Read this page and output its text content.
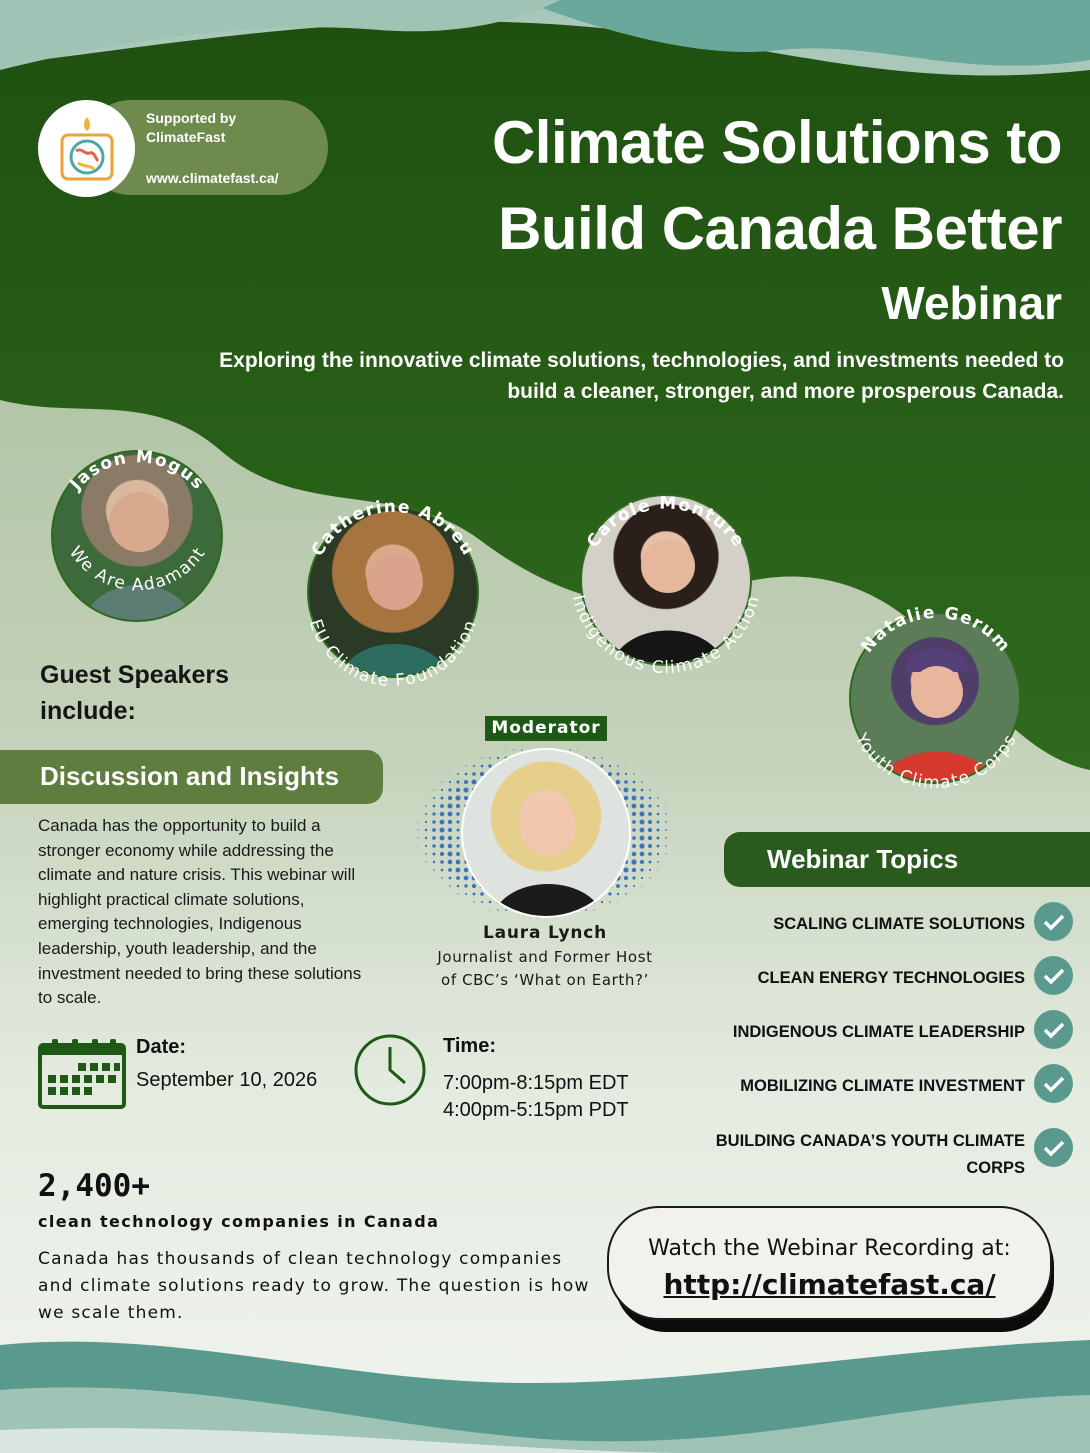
Supported by
ClimateFast
www.climatefast.ca/
Climate Solutions to
Build Canada Better
Webinar
Exploring the innovative climate solutions, technologies, and investments needed to
build a cleaner, stronger, and more prosperous Canada.
Jason Mogus
We Are Adamant	Catherine Abreu
EU Climate Foundation
Carole Monture
Indigenous Climate Action
Natalie Gerum
Youth Climate Corps
Guest Speakers
include:
Discussion and Insights
Canada has the opportunity to build a stronger economy while addressing the climate and nature crisis. This webinar will highlight practical climate solutions, emerging technologies, Indigenous leadership, youth leadership, and the investment needed to bring these solutions to scale.
Moderator
Laura Lynch
Journalist and Former Host
of CBC’s ‘What on Earth?’
Webinar Topics
SCALING CLIMATE SOLUTIONS
CLEAN ENERGY TECHNOLOGIES
INDIGENOUS CLIMATE LEADERSHIP
MOBILIZING CLIMATE INVESTMENT
BUILDING CANADA’S YOUTH CLIMATE CORPS
Date:
September 10, 2026
Time:
7:00pm-8:15pm EDT
4:00pm-5:15pm PDT
2,400+
clean technology companies in Canada
Canada has thousands of clean technology companies and climate solutions ready to grow. The question is how we scale them.
Watch the Webinar Recording at:
http://climatefast.ca/
